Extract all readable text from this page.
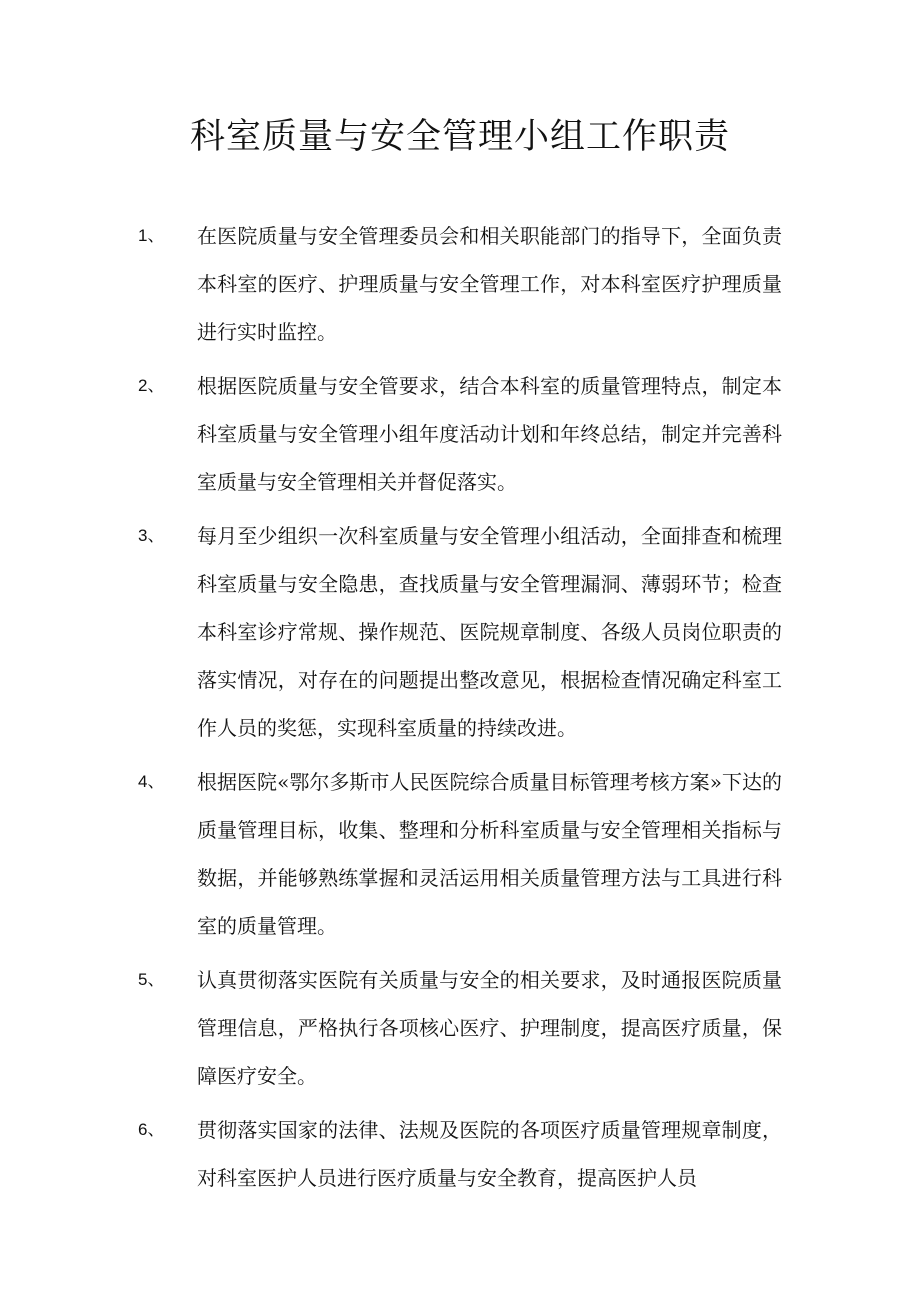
科室质量与安全管理小组工作职责
1、	在医院质量与安全管理委员会和相关职能部门的指导下，全面负责本科室的医疗、护理质量与安全管理工作，对本科室医疗护理质量进行实时监控。
2、	根据医院质量与安全管要求，结合本科室的质量管理特点，制定本科室质量与安全管理小组年度活动计划和年终总结，制定并完善科室质量与安全管理相关并督促落实。
3、	每月至少组织一次科室质量与安全管理小组活动，全面排查和梳理科室质量与安全隐患，查找质量与安全管理漏洞、薄弱环节；检查本科室诊疗常规、操作规范、医院规章制度、各级人员岗位职责的落实情况，对存在的问题提出整改意见，根据检查情况确定科室工作人员的奖惩，实现科室质量的持续改进。
4、	根据医院«鄂尔多斯市人民医院综合质量目标管理考核方案»下达的质量管理目标，收集、整理和分析科室质量与安全管理相关指标与数据，并能够熟练掌握和灵活运用相关质量管理方法与工具进行科室的质量管理。
5、	认真贯彻落实医院有关质量与安全的相关要求，及时通报医院质量管理信息，严格执行各项核心医疗、护理制度，提高医疗质量，保障医疗安全。
6、	贯彻落实国家的法律、法规及医院的各项医疗质量管理规章制度，对科室医护人员进行医疗质量与安全教育，提高医护人员
